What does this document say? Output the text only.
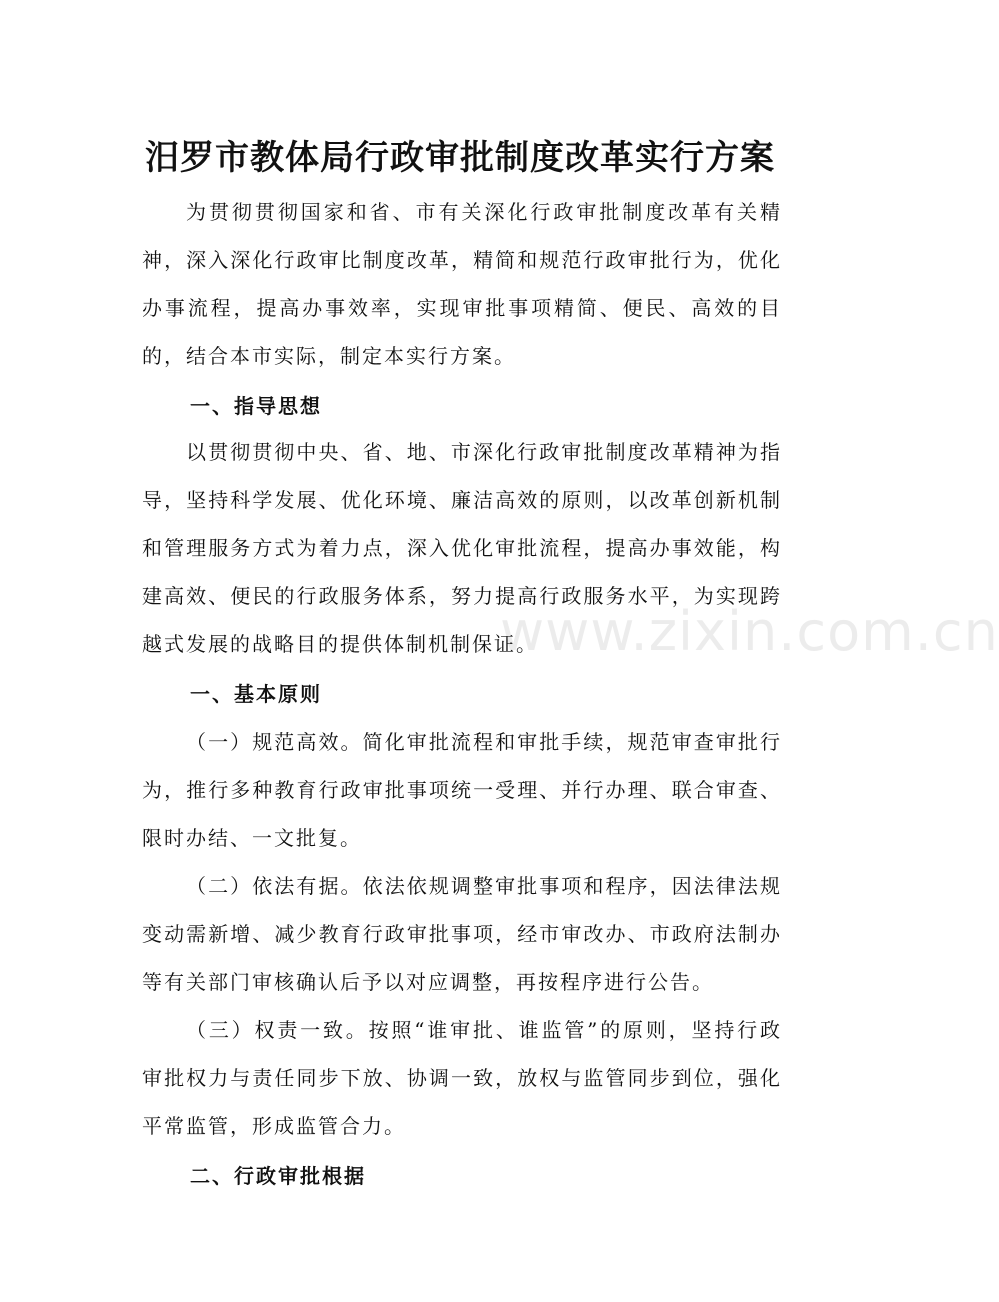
汨罗市教体局行政审批制度改革实行方案
为贯彻贯彻国家和省、市有关深化行政审批制度改革有关精神，深入深化行政审比制度改革，精简和规范行政审批行为，优化办事流程，提高办事效率，实现审批事项精简、便民、高效的目的，结合本市实际，制定本实行方案。
一、指导思想
以贯彻贯彻中央、省、地、市深化行政审批制度改革精神为指导，坚持科学发展、优化环境、廉洁高效的原则，以改革创新机制和管理服务方式为着力点，深入优化审批流程，提高办事效能，构建高效、便民的行政服务体系，努力提高行政服务水平，为实现跨越式发展的战略目的提供体制机制保证。
一、基本原则
（一）规范高效。简化审批流程和审批手续，规范审查审批行为，推行多种教育行政审批事项统一受理、并行办理、联合审查、限时办结、一文批复。
（二）依法有据。依法依规调整审批事项和程序，因法律法规变动需新增、减少教育行政审批事项，经市审改办、市政府法制办等有关部门审核确认后予以对应调整，再按程序进行公告。
（三）权责一致。按照“谁审批、谁监管”的原则，坚持行政审批权力与责任同步下放、协调一致，放权与监管同步到位，强化平常监管，形成监管合力。
二、行政审批根据
www.zixin.com.cn
